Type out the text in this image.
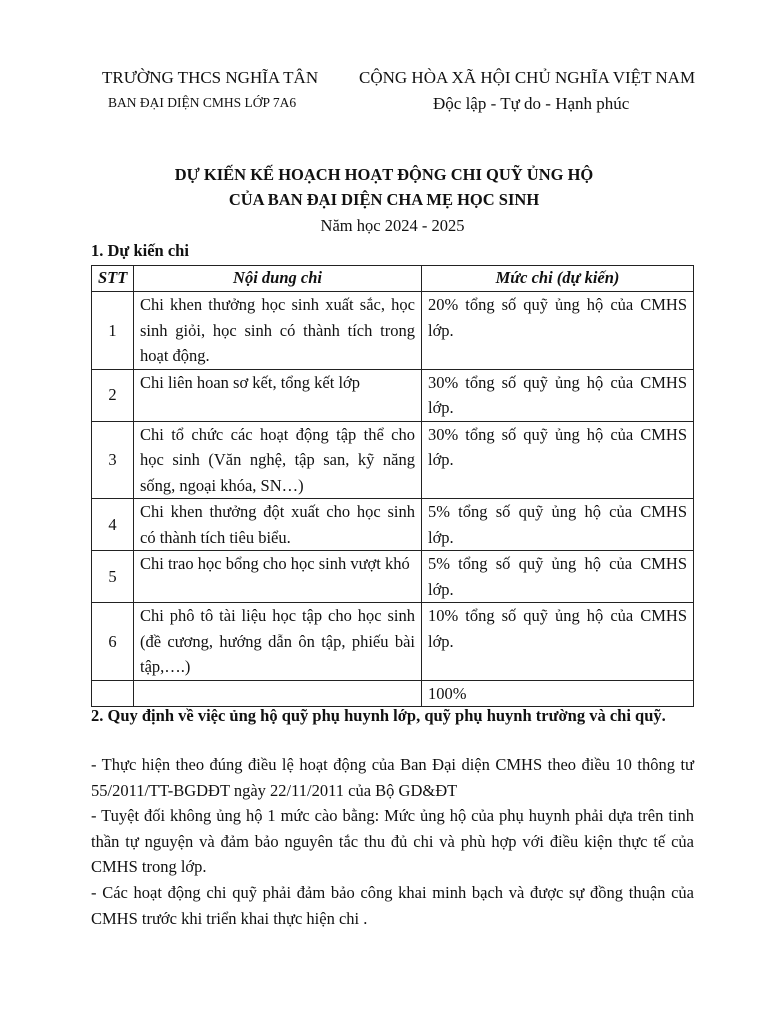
TRƯỜNG THCS NGHĨA TÂN
BAN ĐẠI DIỆN CMHS LỚP 7A6
CỘNG HÒA XÃ HỘI CHỦ NGHĨA VIỆT NAM
Độc lập - Tự do - Hạnh phúc
DỰ KIẾN KẾ HOẠCH HOẠT ĐỘNG CHI QUỸ ỦNG HỘ
CỦA BAN ĐẠI DIỆN CHA MẸ HỌC SINH
Năm học 2024 - 2025
1. Dự kiến chi
STT	Nội dung chi	Mức chi (dự kiến)
1	Chi khen thưởng học sinh xuất sắc, học sinh giỏi, học sinh có thành tích trong hoạt động.	20% tổng số quỹ ủng hộ của CMHS lớp.
2	Chi liên hoan sơ kết, tổng kết lớp	30% tổng số quỹ ủng hộ của CMHS lớp.
3	Chi tổ chức các hoạt động tập thể cho học sinh (Văn nghệ, tập san, kỹ năng sống, ngoại khóa, SN…)	30% tổng số quỹ ủng hộ của CMHS lớp.
4	Chi khen thưởng đột xuất cho học sinh có thành tích tiêu biểu.	5% tổng số quỹ ủng hộ của CMHS lớp.
5	Chi trao học bổng cho học sinh vượt khó	5% tổng số quỹ ủng hộ của CMHS lớp.
6	Chi phô tô tài liệu học tập cho học sinh (đề cương, hướng dẫn ôn tập, phiếu bài tập,….)	10% tổng số quỹ ủng hộ của CMHS lớp.
		100%
2. Quy định về việc ủng hộ quỹ phụ huynh lớp, quỹ phụ huynh trường và chi quỹ.
- Thực hiện theo đúng điều lệ hoạt động của Ban Đại diện CMHS theo điều 10 thông tư 55/2011/TT-BGDĐT ngày 22/11/2011 của Bộ GD&ĐT
- Tuyệt đối không ủng hộ 1 mức cào bằng: Mức ủng hộ của phụ huynh phải dựa trên tinh thần tự nguyện và đảm bảo nguyên tắc thu đủ chi và phù hợp với điều kiện thực tế của CMHS trong lớp.
- Các hoạt động chi quỹ phải đảm bảo công khai minh bạch và được sự đồng thuận của CMHS trước khi triển khai thực hiện chi .
